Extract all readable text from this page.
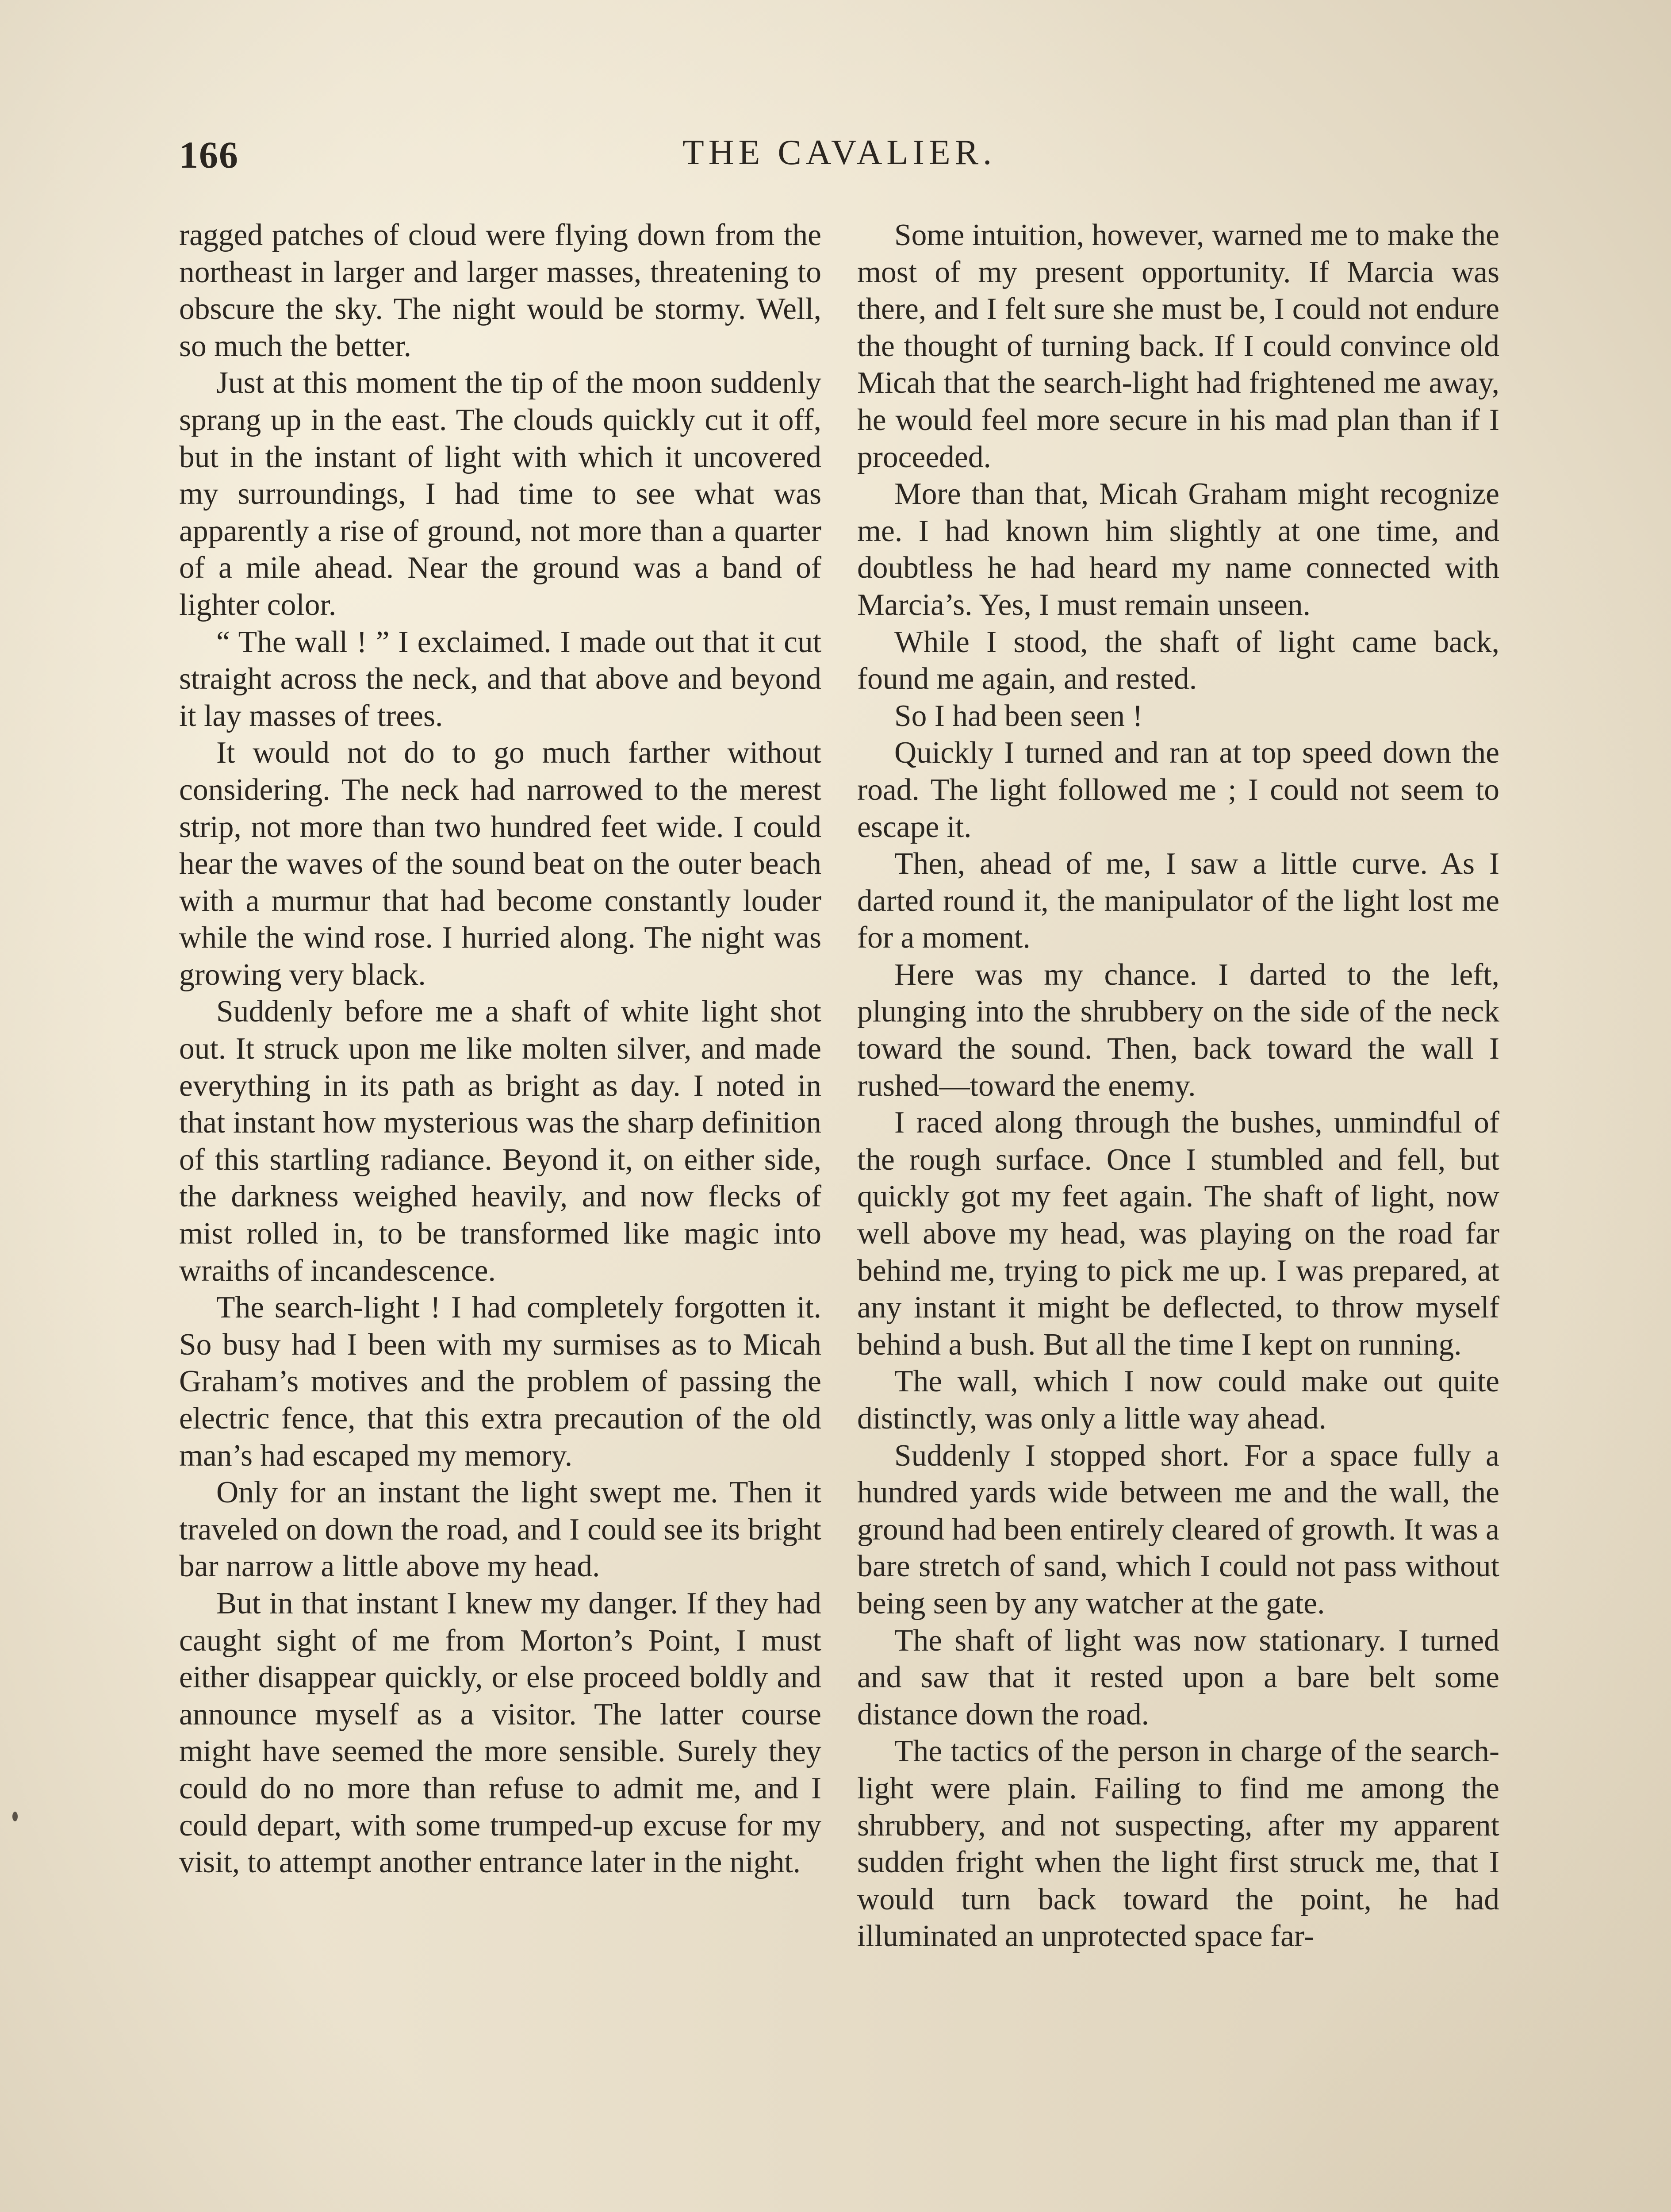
166	THE CAVALIER.

ragged patches of cloud were flying down from the northeast in larger and larger masses, threatening to obscure the sky. The night would be stormy. Well, so much the better.

Just at this moment the tip of the moon suddenly sprang up in the east. The clouds quickly cut it off, but in the instant of light with which it uncovered my surroundings, I had time to see what was apparently a rise of ground, not more than a quarter of a mile ahead. Near the ground was a band of lighter color.

“ The wall ! ” I exclaimed. I made out that it cut straight across the neck, and that above and beyond it lay masses of trees.

It would not do to go much farther without considering. The neck had narrowed to the merest strip, not more than two hundred feet wide. I could hear the waves of the sound beat on the outer beach with a murmur that had become constantly louder while the wind rose. I hurried along. The night was growing very black.

Suddenly before me a shaft of white light shot out. It struck upon me like molten silver, and made everything in its path as bright as day. I noted in that instant how mysterious was the sharp definition of this startling radiance. Beyond it, on either side, the darkness weighed heavily, and now flecks of mist rolled in, to be transformed like magic into wraiths of incandescence.

The search-light ! I had completely forgotten it. So busy had I been with my surmises as to Micah Graham’s motives and the problem of passing the electric fence, that this extra precaution of the old man’s had escaped my memory.

Only for an instant the light swept me. Then it traveled on down the road, and I could see its bright bar narrow a little above my head.

But in that instant I knew my danger. If they had caught sight of me from Morton’s Point, I must either disappear quickly, or else proceed boldly and announce myself as a visitor. The latter course might have seemed the more sensible. Surely they could do no more than refuse to admit me, and I could depart, with some trumped-up excuse for my visit, to attempt another entrance later in the night.

Some intuition, however, warned me to make the most of my present opportunity. If Marcia was there, and I felt sure she must be, I could not endure the thought of turning back. If I could convince old Micah that the search-light had frightened me away, he would feel more secure in his mad plan than if I proceeded.

More than that, Micah Graham might recognize me. I had known him slightly at one time, and doubtless he had heard my name connected with Marcia’s. Yes, I must remain unseen.

While I stood, the shaft of light came back, found me again, and rested.

So I had been seen !

Quickly I turned and ran at top speed down the road. The light followed me ; I could not seem to escape it.

Then, ahead of me, I saw a little curve. As I darted round it, the manipulator of the light lost me for a moment.

Here was my chance. I darted to the left, plunging into the shrubbery on the side of the neck toward the sound. Then, back toward the wall I rushed—toward the enemy.

I raced along through the bushes, unmindful of the rough surface. Once I stumbled and fell, but quickly got my feet again. The shaft of light, now well above my head, was playing on the road far behind me, trying to pick me up. I was prepared, at any instant it might be deflected, to throw myself behind a bush. But all the time I kept on running.

The wall, which I now could make out quite distinctly, was only a little way ahead.

Suddenly I stopped short. For a space fully a hundred yards wide between me and the wall, the ground had been entirely cleared of growth. It was a bare stretch of sand, which I could not pass without being seen by any watcher at the gate.

The shaft of light was now stationary. I turned and saw that it rested upon a bare belt some distance down the road.

The tactics of the person in charge of the search-light were plain. Failing to find me among the shrubbery, and not suspecting, after my apparent sudden fright when the light first struck me, that I would turn back toward the point, he had illuminated an unprotected space far-
